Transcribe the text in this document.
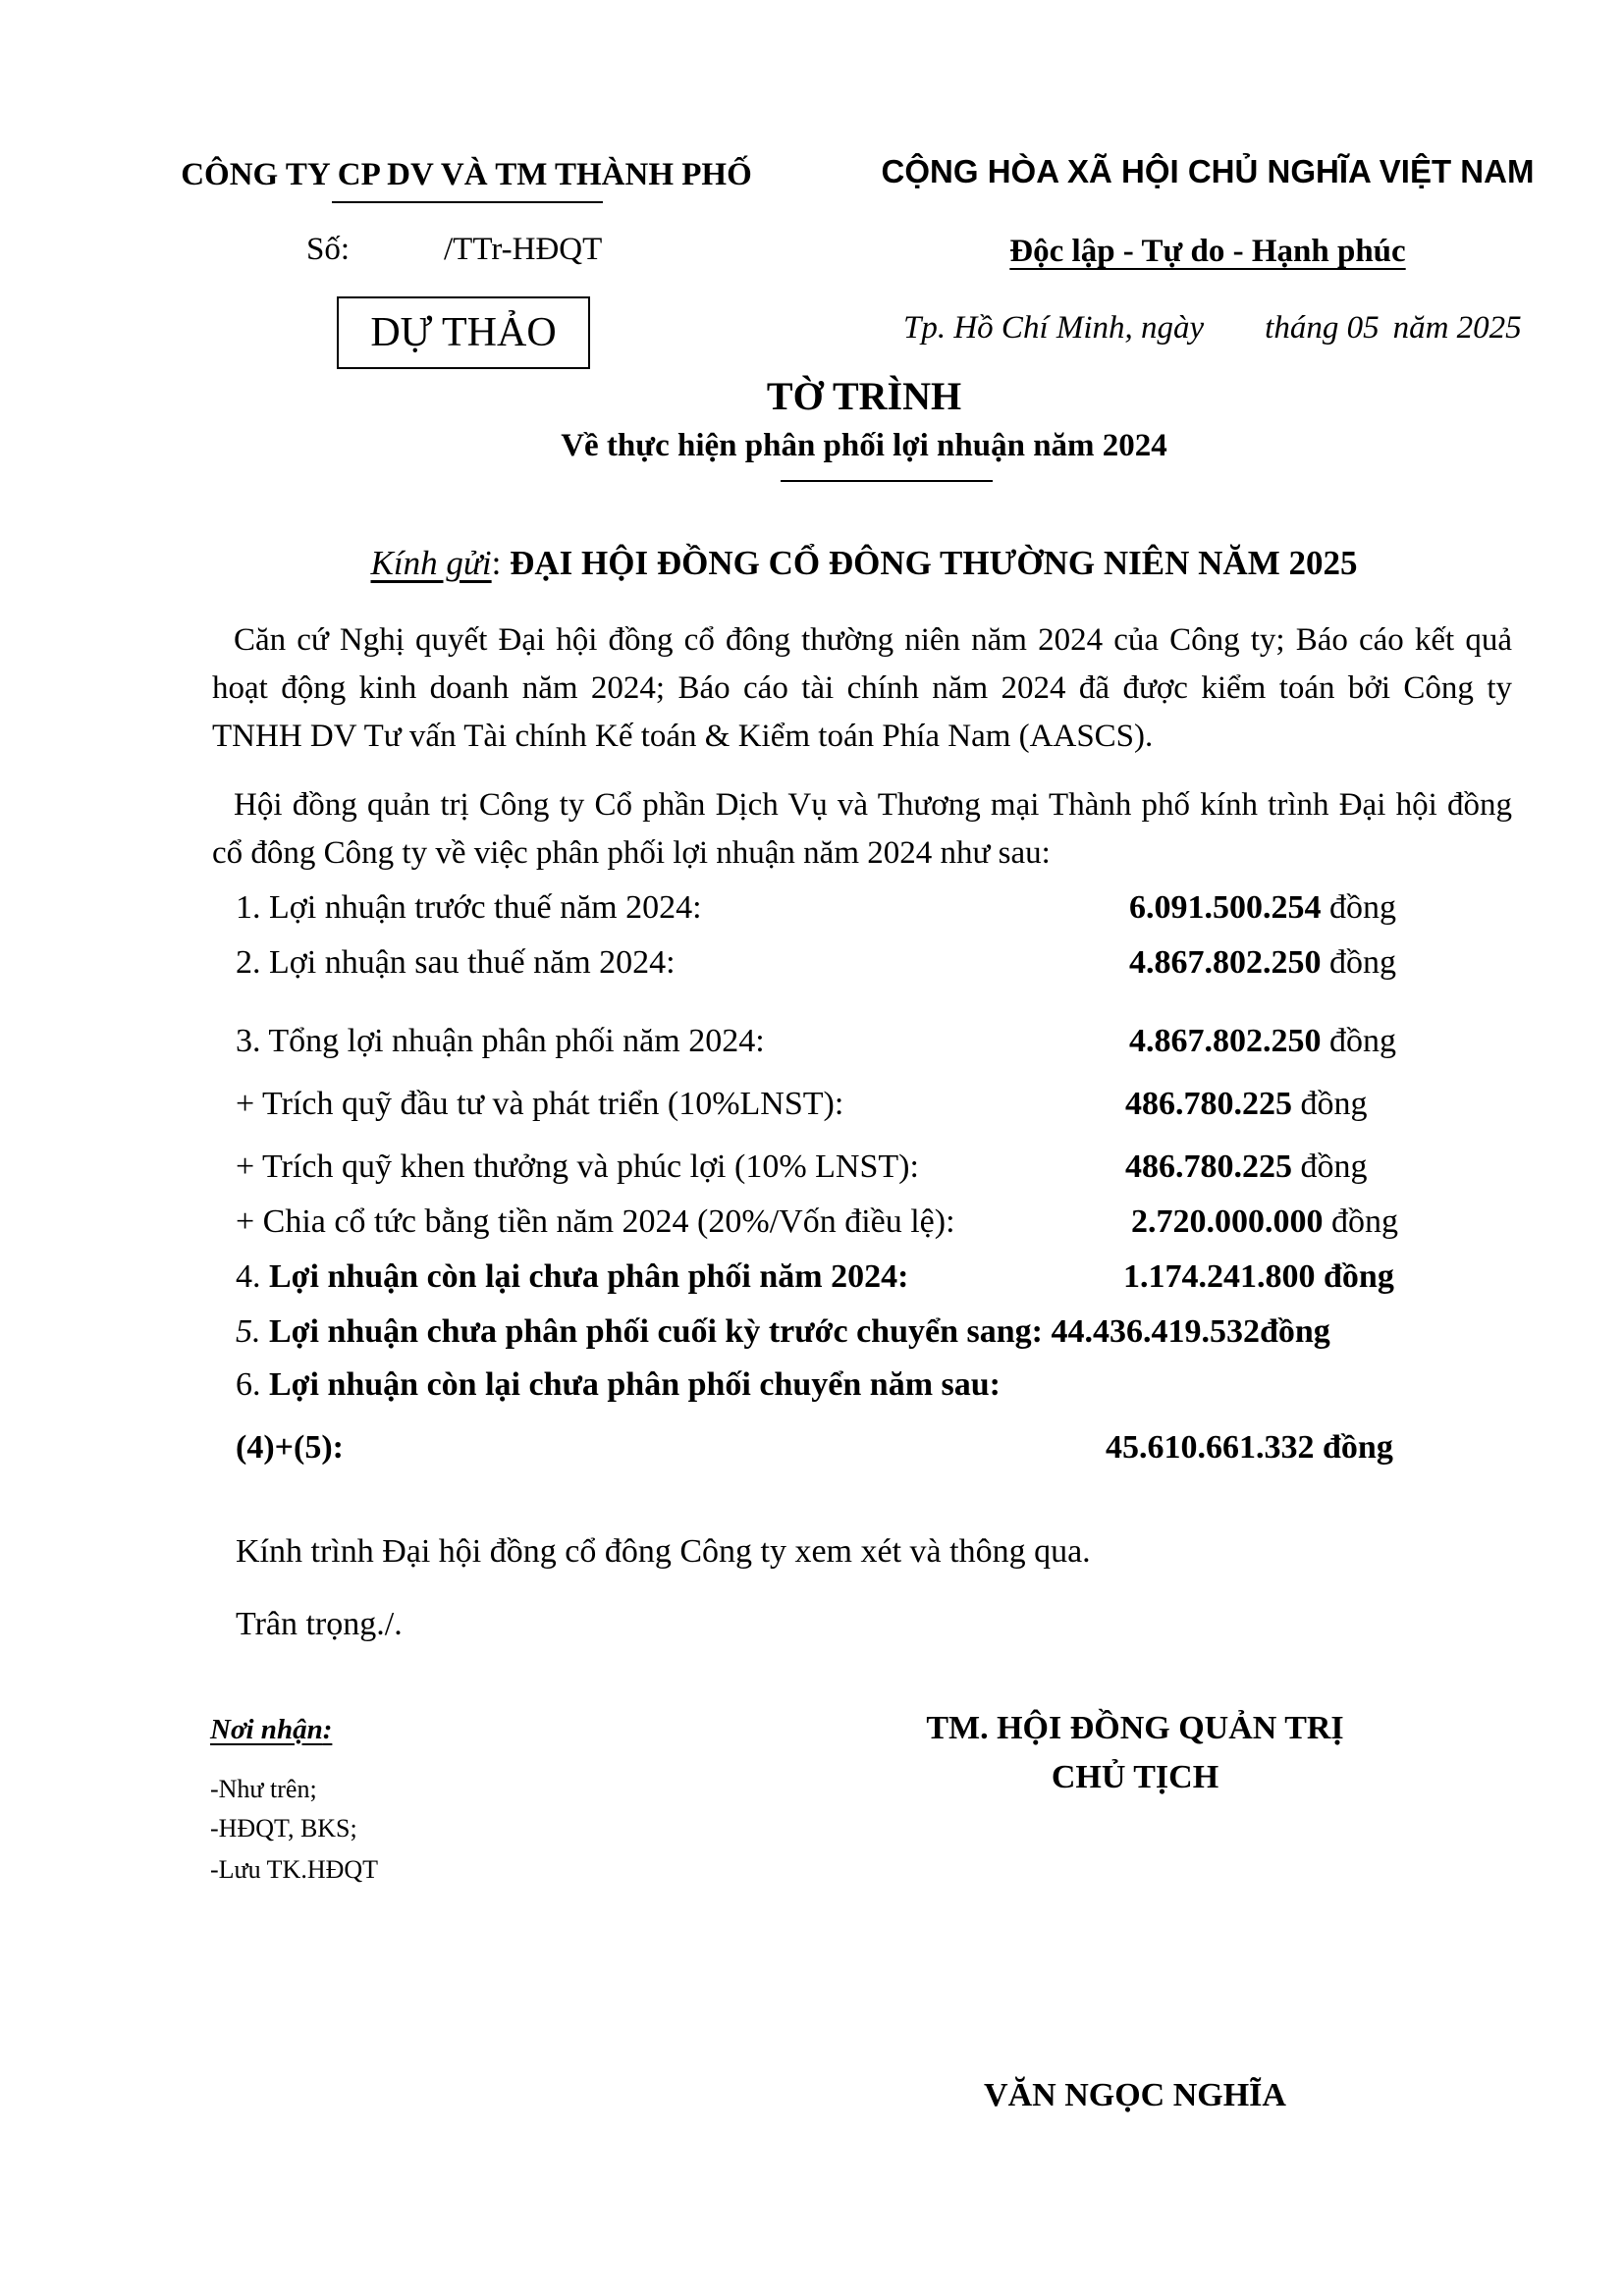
CÔNG TY CP DV VÀ TM THÀNH PHỐ
Số:	/TTr-HĐQT
CỘNG HÒA XÃ HỘI CHỦ NGHĨA VIỆT NAM
Độc lập - Tự do - Hạnh phúc
DỰ THẢO	Tp. Hồ Chí Minh, ngày tháng 05 năm 2025
TỜ TRÌNH
Về thực hiện phân phối lợi nhuận năm 2024
Kính gửi: ĐẠI HỘI ĐỒNG CỔ ĐÔNG THƯỜNG NIÊN NĂM 2025
Căn cứ Nghị quyết Đại hội đồng cổ đông thường niên năm 2024 của Công ty; Báo cáo kết quả hoạt động kinh doanh năm 2024; Báo cáo tài chính năm 2024 đã được kiểm toán bởi Công ty TNHH DV Tư vấn Tài chính Kế toán & Kiểm toán Phía Nam (AASCS).
Hội đồng quản trị Công ty Cổ phần Dịch Vụ và Thương mại Thành phố kính trình Đại hội đồng cổ đông Công ty về việc phân phối lợi nhuận năm 2024 như sau:
1. Lợi nhuận trước thuế năm 2024:	6.091.500.254 đồng
2. Lợi nhuận sau thuế năm 2024:	4.867.802.250 đồng
3. Tổng lợi nhuận phân phối năm 2024:	4.867.802.250 đồng
+ Trích quỹ đầu tư và phát triển (10%LNST):	486.780.225 đồng
+ Trích quỹ khen thưởng và phúc lợi (10% LNST):	486.780.225 đồng
+ Chia cổ tức bằng tiền năm 2024 (20%/Vốn điều lệ):	2.720.000.000 đồng
4. Lợi nhuận còn lại chưa phân phối năm 2024:	1.174.241.800 đồng
5. Lợi nhuận chưa phân phối cuối kỳ trước chuyển sang: 44.436.419.532đồng
6. Lợi nhuận còn lại chưa phân phối chuyển năm sau:
(4)+(5):	45.610.661.332 đồng
Kính trình Đại hội đồng cổ đông Công ty xem xét và thông qua.
Trân trọng./.
Nơi nhận:
-Như trên;
-HĐQT, BKS;
-Lưu TK.HĐQT
TM. HỘI ĐỒNG QUẢN TRỊ
CHỦ TỊCH
VĂN NGỌC NGHĨA
